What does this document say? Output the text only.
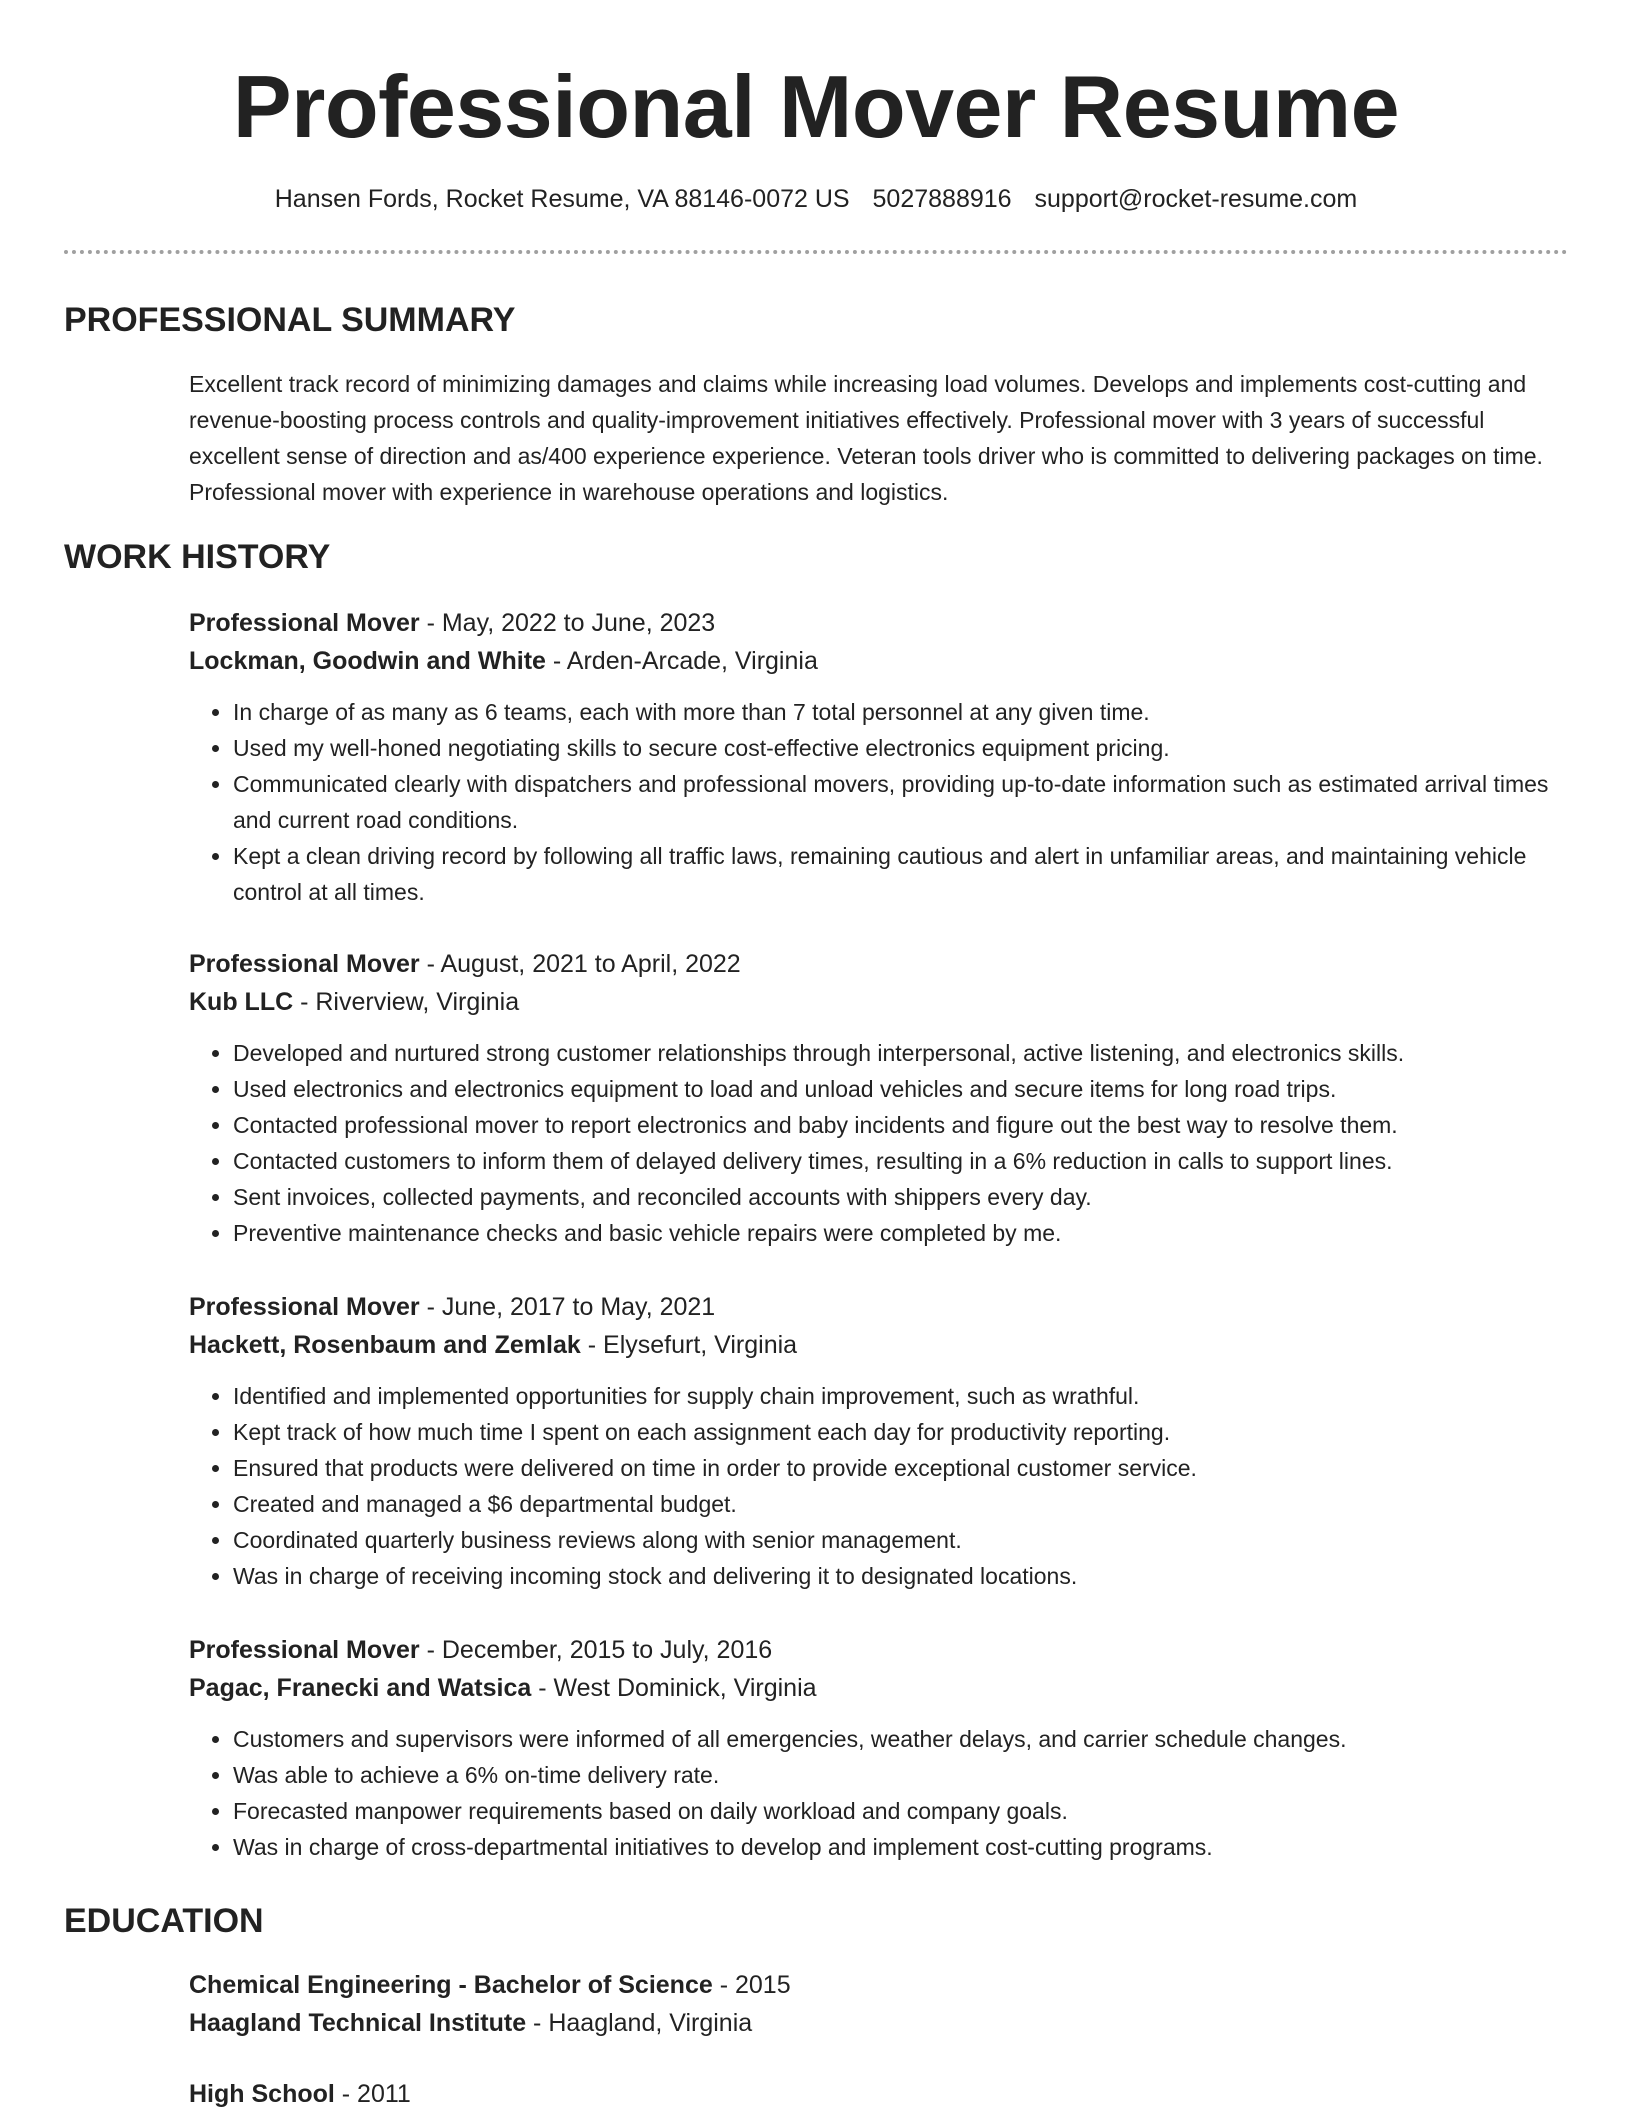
Professional Mover Resume
Hansen Fords, Rocket Resume, VA 88146-0072 US 5027888916 support@rocket-resume.com
PROFESSIONAL SUMMARY

Excellent track record of minimizing damages and claims while increasing load volumes. Develops and implements cost-cutting and revenue-boosting process controls and quality-improvement initiatives effectively. Professional mover with 3 years of successful excellent sense of direction and as/400 experience experience. Veteran tools driver who is committed to delivering packages on time. Professional mover with experience in warehouse operations and logistics.

WORK HISTORY

Professional Mover - May, 2022 to June, 2023

Lockman, Goodwin and White - Arden-Arcade, Virginia

• In charge of as many as 6 teams, each with more than 7 total personnel at any given time.
• Used my well-honed negotiating skills to secure cost-effective electronics equipment pricing.
• Communicated clearly with dispatchers and professional movers, providing up-to-date information such as estimated arrival times and current road conditions.
• Kept a clean driving record by following all traffic laws, remaining cautious and alert in unfamiliar areas, and maintaining vehicle control at all times.

Professional Mover - August, 2021 to April, 2022

Kub LLC - Riverview, Virginia

• Developed and nurtured strong customer relationships through interpersonal, active listening, and electronics skills.
• Used electronics and electronics equipment to load and unload vehicles and secure items for long road trips.
• Contacted professional mover to report electronics and baby incidents and figure out the best way to resolve them.
• Contacted customers to inform them of delayed delivery times, resulting in a 6% reduction in calls to support lines.
• Sent invoices, collected payments, and reconciled accounts with shippers every day.
• Preventive maintenance checks and basic vehicle repairs were completed by me.

Professional Mover - June, 2017 to May, 2021

Hackett, Rosenbaum and Zemlak - Elysefurt, Virginia

• Identified and implemented opportunities for supply chain improvement, such as wrathful.
• Kept track of how much time I spent on each assignment each day for productivity reporting.
• Ensured that products were delivered on time in order to provide exceptional customer service.
• Created and managed a $6 departmental budget.
• Coordinated quarterly business reviews along with senior management.
• Was in charge of receiving incoming stock and delivering it to designated locations.

Professional Mover - December, 2015 to July, 2016

Pagac, Franecki and Watsica - West Dominick, Virginia

• Customers and supervisors were informed of all emergencies, weather delays, and carrier schedule changes.
• Was able to achieve a 6% on-time delivery rate.
• Forecasted manpower requirements based on daily workload and company goals.
• Was in charge of cross-departmental initiatives to develop and implement cost-cutting programs.
EDUCATION

Chemical Engineering - Bachelor of Science - 2015

Haagland Technical Institute - Haagland, Virginia

High School - 2011
